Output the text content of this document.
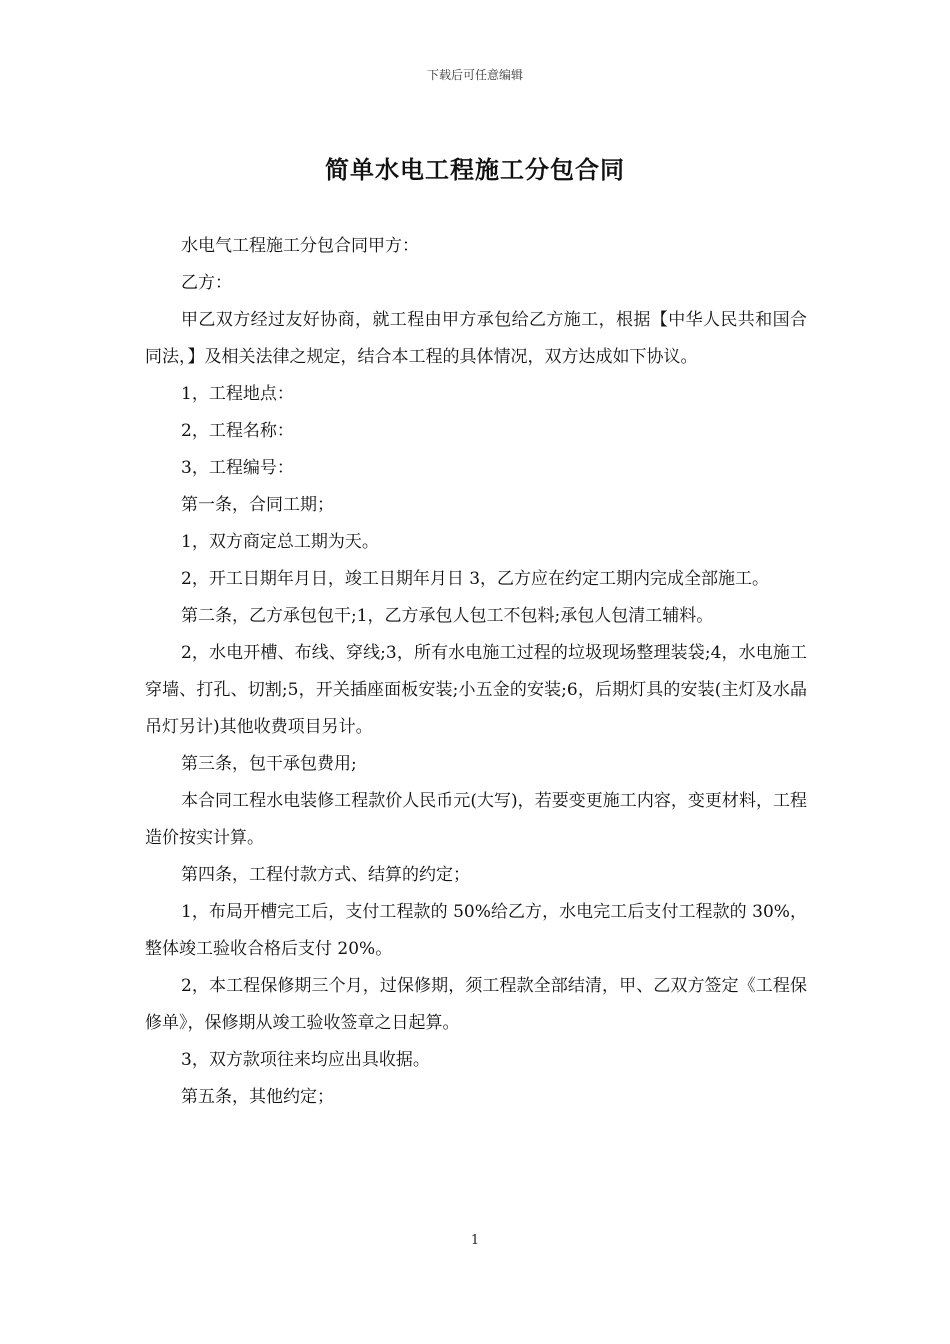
下载后可任意编辑
简单水电工程施工分包合同

水电气工程施工分包合同甲方：

乙方：

甲乙双方经过友好协商，就工程由甲方承包给乙方施工，根据【中华人民共和国合同法，】及相关法律之规定，结合本工程的具体情况，双方达成如下协议。

1，工程地点：

2，工程名称：

3，工程编号：

第一条，合同工期；

1，双方商定总工期为天。

2，开工日期年月日，竣工日期年月日 3，乙方应在约定工期内完成全部施工。

第二条，乙方承包包干;1，乙方承包人包工不包料;承包人包清工辅料。

2，水电开槽、布线、穿线;3，所有水电施工过程的垃圾现场整理装袋;4，水电施工穿墙、打孔、切割;5，开关插座面板安装;小五金的安装;6，后期灯具的安装(主灯及水晶吊灯另计)其他收费项目另计。

第三条，包干承包费用;

本合同工程水电装修工程款价人民币元(大写)，若要变更施工内容，变更材料，工程造价按实计算。

第四条，工程付款方式、结算的约定；

1，布局开槽完工后，支付工程款的 50%给乙方，水电完工后支付工程款的 30%，整体竣工验收合格后支付 20%。

2，本工程保修期三个月，过保修期，须工程款全部结清，甲、乙双方签定《工程保修单》，保修期从竣工验收签章之日起算。

3，双方款项往来均应出具收据。

第五条，其他约定；

1
